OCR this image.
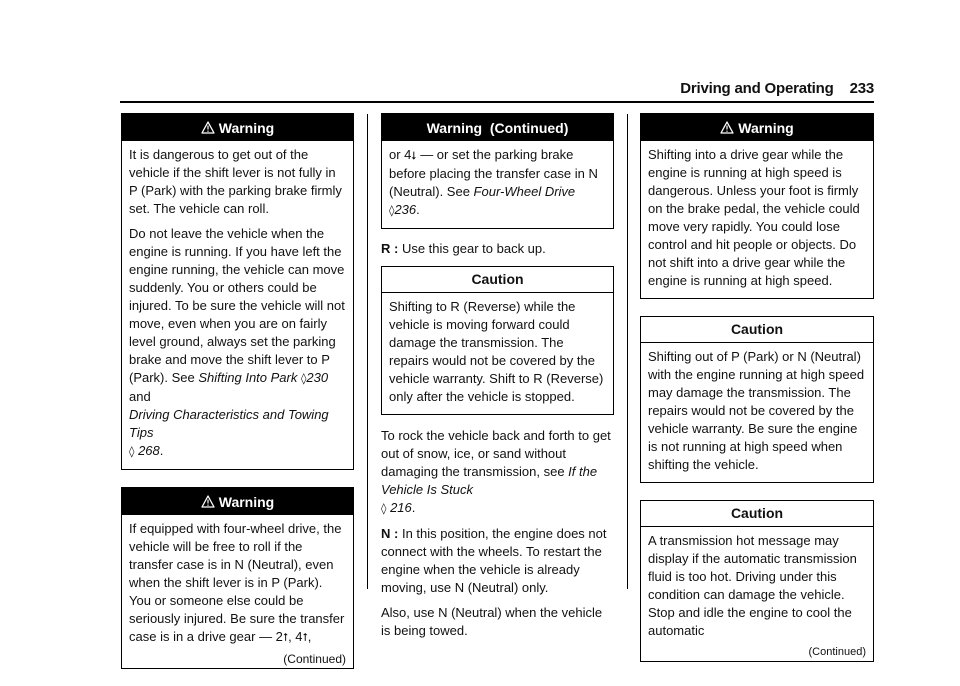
Driving and Operating 233
Warning

It is dangerous to get out of the vehicle if the shift lever is not fully in P (Park) with the parking brake firmly set. The vehicle can roll.

Do not leave the vehicle when the engine is running. If you have left the engine running, the vehicle can move suddenly. You or others could be injured. To be sure the vehicle will not move, even when you are on fairly level ground, always set the parking brake and move the shift lever to P (Park). See Shifting Into Park ◊230 and
Driving Characteristics and Towing Tips
◊ 268.

Warning

If equipped with four-wheel drive, the vehicle will be free to roll if the transfer case is in N (Neutral), even when the shift lever is in P (Park). You or someone else could be seriously injured. Be sure the transfer case is in a drive gear — 2⭡, 4⭡,

(Continued)
Warning  (Continued)

or 4⭣ — or set the parking brake before placing the transfer case in N (Neutral). See Four-Wheel Drive ◊236.

R : Use this gear to back up.

Caution
Shifting to R (Reverse) while the vehicle is moving forward could damage the transmission. The repairs would not be covered by the vehicle warranty. Shift to R (Reverse) only after the vehicle is stopped.

To rock the vehicle back and forth to get out of snow, ice, or sand without damaging the transmission, see If the Vehicle Is Stuck
◊ 216.

N : In this position, the engine does not connect with the wheels. To restart the engine when the vehicle is already moving, use N (Neutral) only.

Also, use N (Neutral) when the vehicle is being towed.

Warning
Shifting into a drive gear while the engine is running at high speed is dangerous. Unless your foot is firmly on the brake pedal, the vehicle could move very rapidly. You could lose control and hit people or objects. Do not shift into a drive gear while the engine is running at high speed.
Caution
Shifting out of P (Park) or N (Neutral) with the engine running at high speed may damage the transmission. The repairs would not be covered by the vehicle warranty. Be sure the engine is not running at high speed when shifting the vehicle.
Caution

A transmission hot message may display if the automatic transmission fluid is too hot. Driving under this condition can damage the vehicle. Stop and idle the engine to cool the automatic

(Continued)
